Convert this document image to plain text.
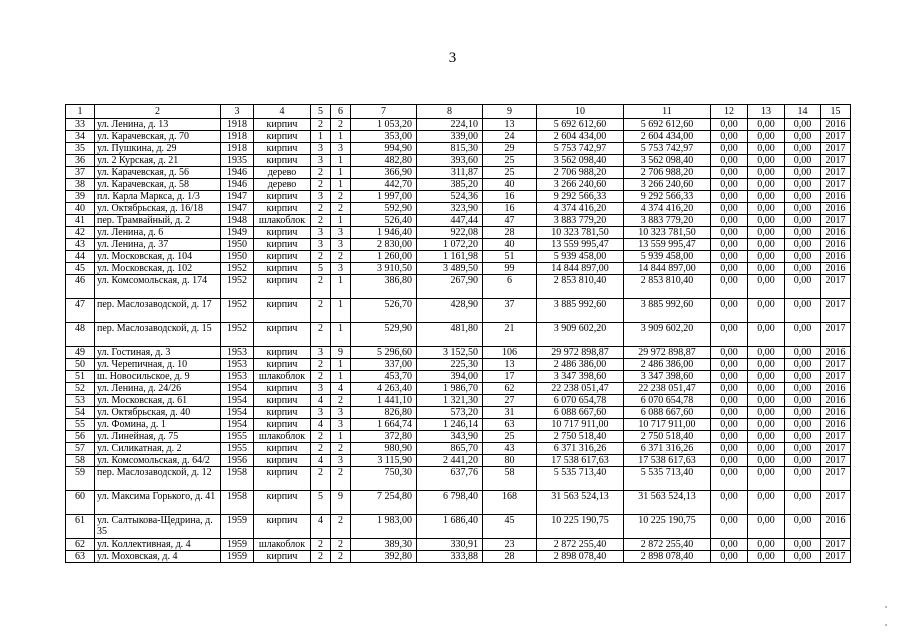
3
1	2	3	4	5	6	7	8	9	10	11	12	13	14	15
33	ул. Ленина, д. 13	1918	кирпич	2	2	1 053,20	224,10	13	5 692 612,60	5 692 612,60	0,00	0,00	0,00	2016
34	ул. Карачевская, д. 70	1918	кирпич	1	1	353,00	339,00	24	2 604 434,00	2 604 434,00	0,00	0,00	0,00	2017
35	ул. Пушкина, д. 29	1918	кирпич	3	3	994,90	815,30	29	5 753 742,97	5 753 742,97	0,00	0,00	0,00	2017
36	ул. 2 Курская, д. 21	1935	кирпич	3	1	482,80	393,60	25	3 562 098,40	3 562 098,40	0,00	0,00	0,00	2017
37	ул. Карачевская, д. 56	1946	дерево	2	1	366,90	311,87	25	2 706 988,20	2 706 988,20	0,00	0,00	0,00	2017
38	ул. Карачевская, д. 58	1946	дерево	2	1	442,70	385,20	40	3 266 240,60	3 266 240,60	0,00	0,00	0,00	2017
39	пл. Карла Маркса, д. 1/3	1947	кирпич	3	2	1 997,00	524,36	16	9 292 566,33	9 292 566,33	0,00	0,00	0,00	2016
40	ул. Октябрьская, д. 16/18	1947	кирпич	2	2	592,90	323,90	16	4 374 416,20	4 374 416,20	0,00	0,00	0,00	2016
41	пер. Трамвайный, д. 2	1948	шлакоблок	2	1	526,40	447,44	47	3 883 779,20	3 883 779,20	0,00	0,00	0,00	2017
42	ул. Ленина, д. 6	1949	кирпич	3	3	1 946,40	922,08	28	10 323 781,50	10 323 781,50	0,00	0,00	0,00	2016
43	ул. Ленина, д. 37	1950	кирпич	3	3	2 830,00	1 072,20	40	13 559 995,47	13 559 995,47	0,00	0,00	0,00	2016
44	ул. Московская, д. 104	1950	кирпич	2	2	1 260,00	1 161,98	51	5 939 458,00	5 939 458,00	0,00	0,00	0,00	2016
45	ул. Московская, д. 102	1952	кирпич	5	3	3 910,50	3 489,50	99	14 844 897,00	14 844 897,00	0,00	0,00	0,00	2016
46	ул. Комсомольская, д. 174	1952	кирпич	2	1	386,80	267,90	6	2 853 810,40	2 853 810,40	0,00	0,00	0,00	2017
47	пер. Маслозаводской, д. 17	1952	кирпич	2	1	526,70	428,90	37	3 885 992,60	3 885 992,60	0,00	0,00	0,00	2017
48	пер. Маслозаводской, д. 15	1952	кирпич	2	1	529,90	481,80	21	3 909 602,20	3 909 602,20	0,00	0,00	0,00	2017
49	ул. Гостиная, д. 3	1953	кирпич	3	9	5 296,60	3 152,50	106	29 972 898,87	29 972 898,87	0,00	0,00	0,00	2016
50	ул. Черепичная, д. 10	1953	кирпич	2	1	337,00	225,30	13	2 486 386,00	2 486 386,00	0,00	0,00	0,00	2017
51	ш. Новосильское, д. 9	1953	шлакоблок	2	1	453,70	394,00	17	3 347 398,60	3 347 398,60	0,00	0,00	0,00	2017
52	ул. Ленина, д. 24/26	1954	кирпич	3	4	4 263,40	1 986,70	62	22 238 051,47	22 238 051,47	0,00	0,00	0,00	2016
53	ул. Московская, д. 61	1954	кирпич	4	2	1 441,10	1 321,30	27	6 070 654,78	6 070 654,78	0,00	0,00	0,00	2016
54	ул. Октябрьская, д. 40	1954	кирпич	3	3	826,80	573,20	31	6 088 667,60	6 088 667,60	0,00	0,00	0,00	2016
55	ул. Фомина, д. 1	1954	кирпич	4	3	1 664,74	1 246,14	63	10 717 911,00	10 717 911,00	0,00	0,00	0,00	2016
56	ул. Линейная, д. 75	1955	шлакоблок	2	1	372,80	343,90	25	2 750 518,40	2 750 518,40	0,00	0,00	0,00	2017
57	ул. Силикатная, д. 2	1955	кирпич	2	2	980,90	865,70	43	6 371 316,26	6 371 316,26	0,00	0,00	0,00	2017
58	ул. Комсомольская, д. 64/2	1956	кирпич	4	3	3 115,90	2 441,20	80	17 538 617,63	17 538 617,63	0,00	0,00	0,00	2017
59	пер. Маслозаводской, д. 12	1958	кирпич	2	2	750,30	637,76	58	5 535 713,40	5 535 713,40	0,00	0,00	0,00	2017
60	ул. Максима Горького, д. 41	1958	кирпич	5	9	7 254,80	6 798,40	168	31 563 524,13	31 563 524,13	0,00	0,00	0,00	2017
61	ул. Салтыкова-Щедрина, д. 35	1959	кирпич	4	2	1 983,00	1 686,40	45	10 225 190,75	10 225 190,75	0,00	0,00	0,00	2016
62	ул. Коллективная, д. 4	1959	шлакоблок	2	2	389,30	330,91	23	2 872 255,40	2 872 255,40	0,00	0,00	0,00	2017
63	ул. Моховская, д. 4	1959	кирпич	2	2	392,80	333,88	28	2 898 078,40	2 898 078,40	0,00	0,00	0,00	2017
